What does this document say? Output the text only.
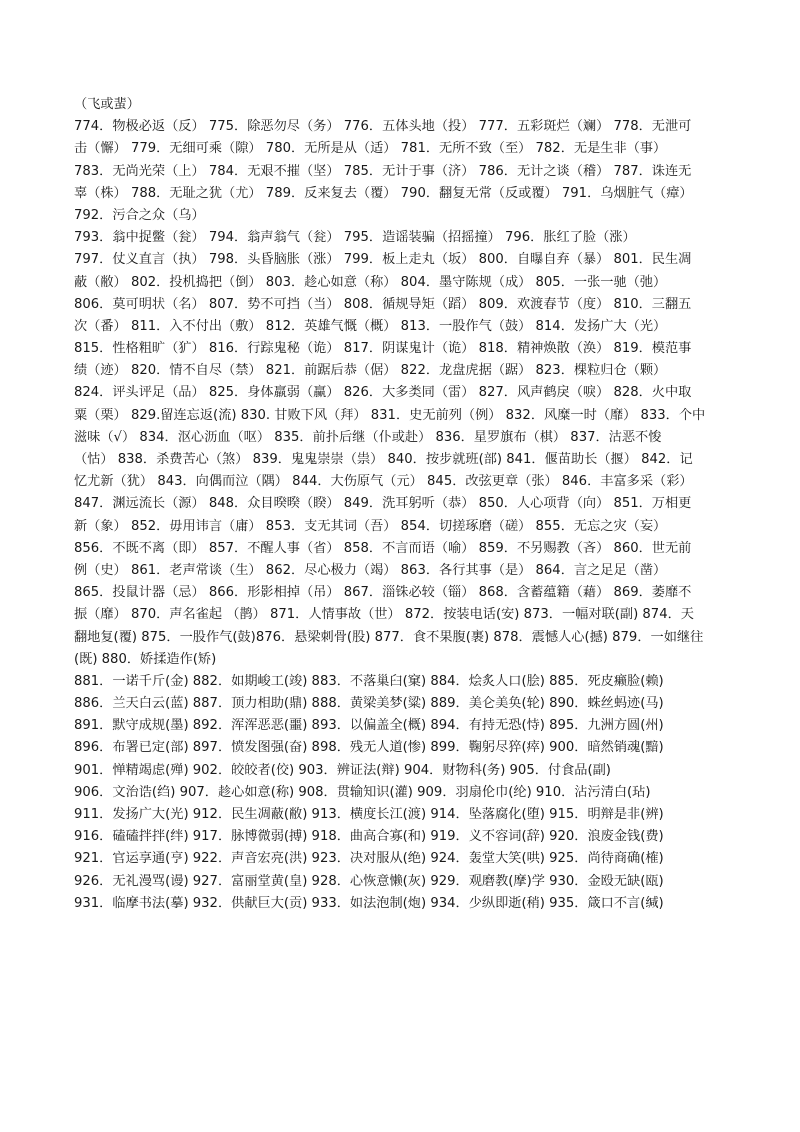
（飞或蜚）
774．物极必返（反） 775．除恶勿尽（务） 776．五体头地（投） 777．五彩斑烂（斓） 778．无泄可
击（懈） 779．无细可乘（隙） 780．无所是从（适） 781．无所不致（至） 782．无是生非（事）
783．无尚光荣（上） 784．无艰不摧（坚） 785．无计于事（济） 786．无计之谈（稽） 787．诛连无
辜（株） 788．无耻之犹（尤） 789．反来复去（覆） 790．翻复无常（反或覆） 791．乌烟脏气（瘴）
792．污合之众（乌）
793．翁中捉鳖（瓮） 794．翁声翁气（瓮） 795．造谣装骗（招摇撞） 796．胀红了脸（涨）
797．仗义直言（执） 798．头昏脑胀（涨） 799．板上走丸（坂） 800．自曝自弃（暴） 801．民生凋
蔽（敝） 802．投机捣把（倒） 803．趁心如意（称） 804．墨守陈规（成） 805．一张一驰（弛）
806．莫可明状（名） 807．势不可挡（当） 808．循规导矩（蹈） 809．欢渡春节（度） 810．三翻五
次（番） 811．入不付出（敷） 812．英雄气慨（概） 813．一股作气（鼓） 814．发扬广大（光）
815．性格粗旷（犷） 816．行踪鬼秘（诡） 817．阴谋鬼计（诡） 818．精神焕散（涣） 819．模范事
绩（迹） 820．情不自尽（禁） 821．前踞后恭（倨） 822．龙盘虎据（踞） 823．棵粒归仓（颗）
824．评头评足（品） 825．身体羸弱（赢） 826．大多类同（雷） 827．风声鹤戾（唳） 828．火中取
粟（栗） 829.留连忘返(流) 830. 甘败下风（拜） 831．史无前列（例） 832．风糜一时（靡） 833．个中
滋味（√） 834．沤心沥血（呕） 835．前扑后继（仆或赴） 836．星罗旗布（棋） 837．沽恶不悛
（怙） 838．杀费苦心（煞） 839．鬼鬼崇崇（祟） 840．按步就班(部) 841．偃苗助长（揠） 842．记
忆尤新（犹） 843．向偶而泣（隅） 844．大伤原气（元） 845．改弦更章（张） 846．丰富多采（彩）
847．渊远流长（源） 848．众目暌暌（睽） 849．洗耳躬听（恭） 850．人心项背（向） 851．万相更
新（象） 852．毋用讳言（庸） 853．支无其词（吾） 854．切搓琢磨（磋） 855．无忘之灾（妄）
856．不既不离（即） 857．不醒人事（省） 858．不言而语（喻） 859．不另赐教（吝） 860．世无前
例（史） 861．老声常谈（生） 862．尽心极力（竭） 863．各行其事（是） 864．言之足足（凿）
865．投鼠计器（忌） 866．形影相掉（吊） 867．淄铢必较（锱） 868．含蓄蕴籍（藉） 869．萎靡不
振（靡） 870．声名雀起 （鹊） 871．人情事故（世） 872．按装电话(安) 873．一幅对联(副) 874．天
翻地复(覆) 875．一股作气(鼓)876．悬梁刺骨(股) 877．食不果腹(裹) 878．震憾人心(撼) 879．一如继往
(既) 880．娇揉造作(矫)
881．一诺千斤(金) 882．如期峻工(竣) 883．不落巢臼(窠) 884．烩炙人口(脍) 885．死皮癞脸(赖)
886．兰天白云(蓝) 887．顶力相助(鼎) 888．黄梁美梦(粱) 889．美仑美奂(轮) 890．蛛丝蚂迹(马)
891．默守成规(墨) 892．浑浑恶恶(噩) 893．以偏盖全(概) 894．有持无恐(恃) 895．九洲方圆(州)
896．布署已定(部) 897．愤发图强(奋) 898．残无人道(惨) 899．鞠躬尽猝(瘁) 900．暗然销魂(黯)
901．惮精竭虑(殚) 902．皎皎者(佼) 903．辨证法(辩) 904．财物科(务) 905．付食品(副)
906．文治诰(绉) 907．趁心如意(称) 908．贯输知识(灌) 909．羽扇伦巾(纶) 910．沾污清白(玷)
911．发扬广大(光) 912．民生凋蔽(敝) 913．横度长江(渡) 914．坠落腐化(堕) 915．明辩是非(辨)
916．磕磕拌拌(绊) 917．脉博微弱(搏) 918．曲高合寡(和) 919．义不容词(辞) 920．浪废金钱(费)
921．官运享通(亨) 922．声音宏亮(洪) 923．决对服从(绝) 924．轰堂大笑(哄) 925．尚待商确(榷)
926．无礼漫骂(谩) 927．富丽堂黄(皇) 928．心恢意懒(灰) 929．观磨教(摩)学 930．金殴无缺(瓯)
931．临摩书法(摹) 932．供献巨大(贡) 933．如法泡制(炮) 934．少纵即逝(稍) 935．箴口不言(缄)
